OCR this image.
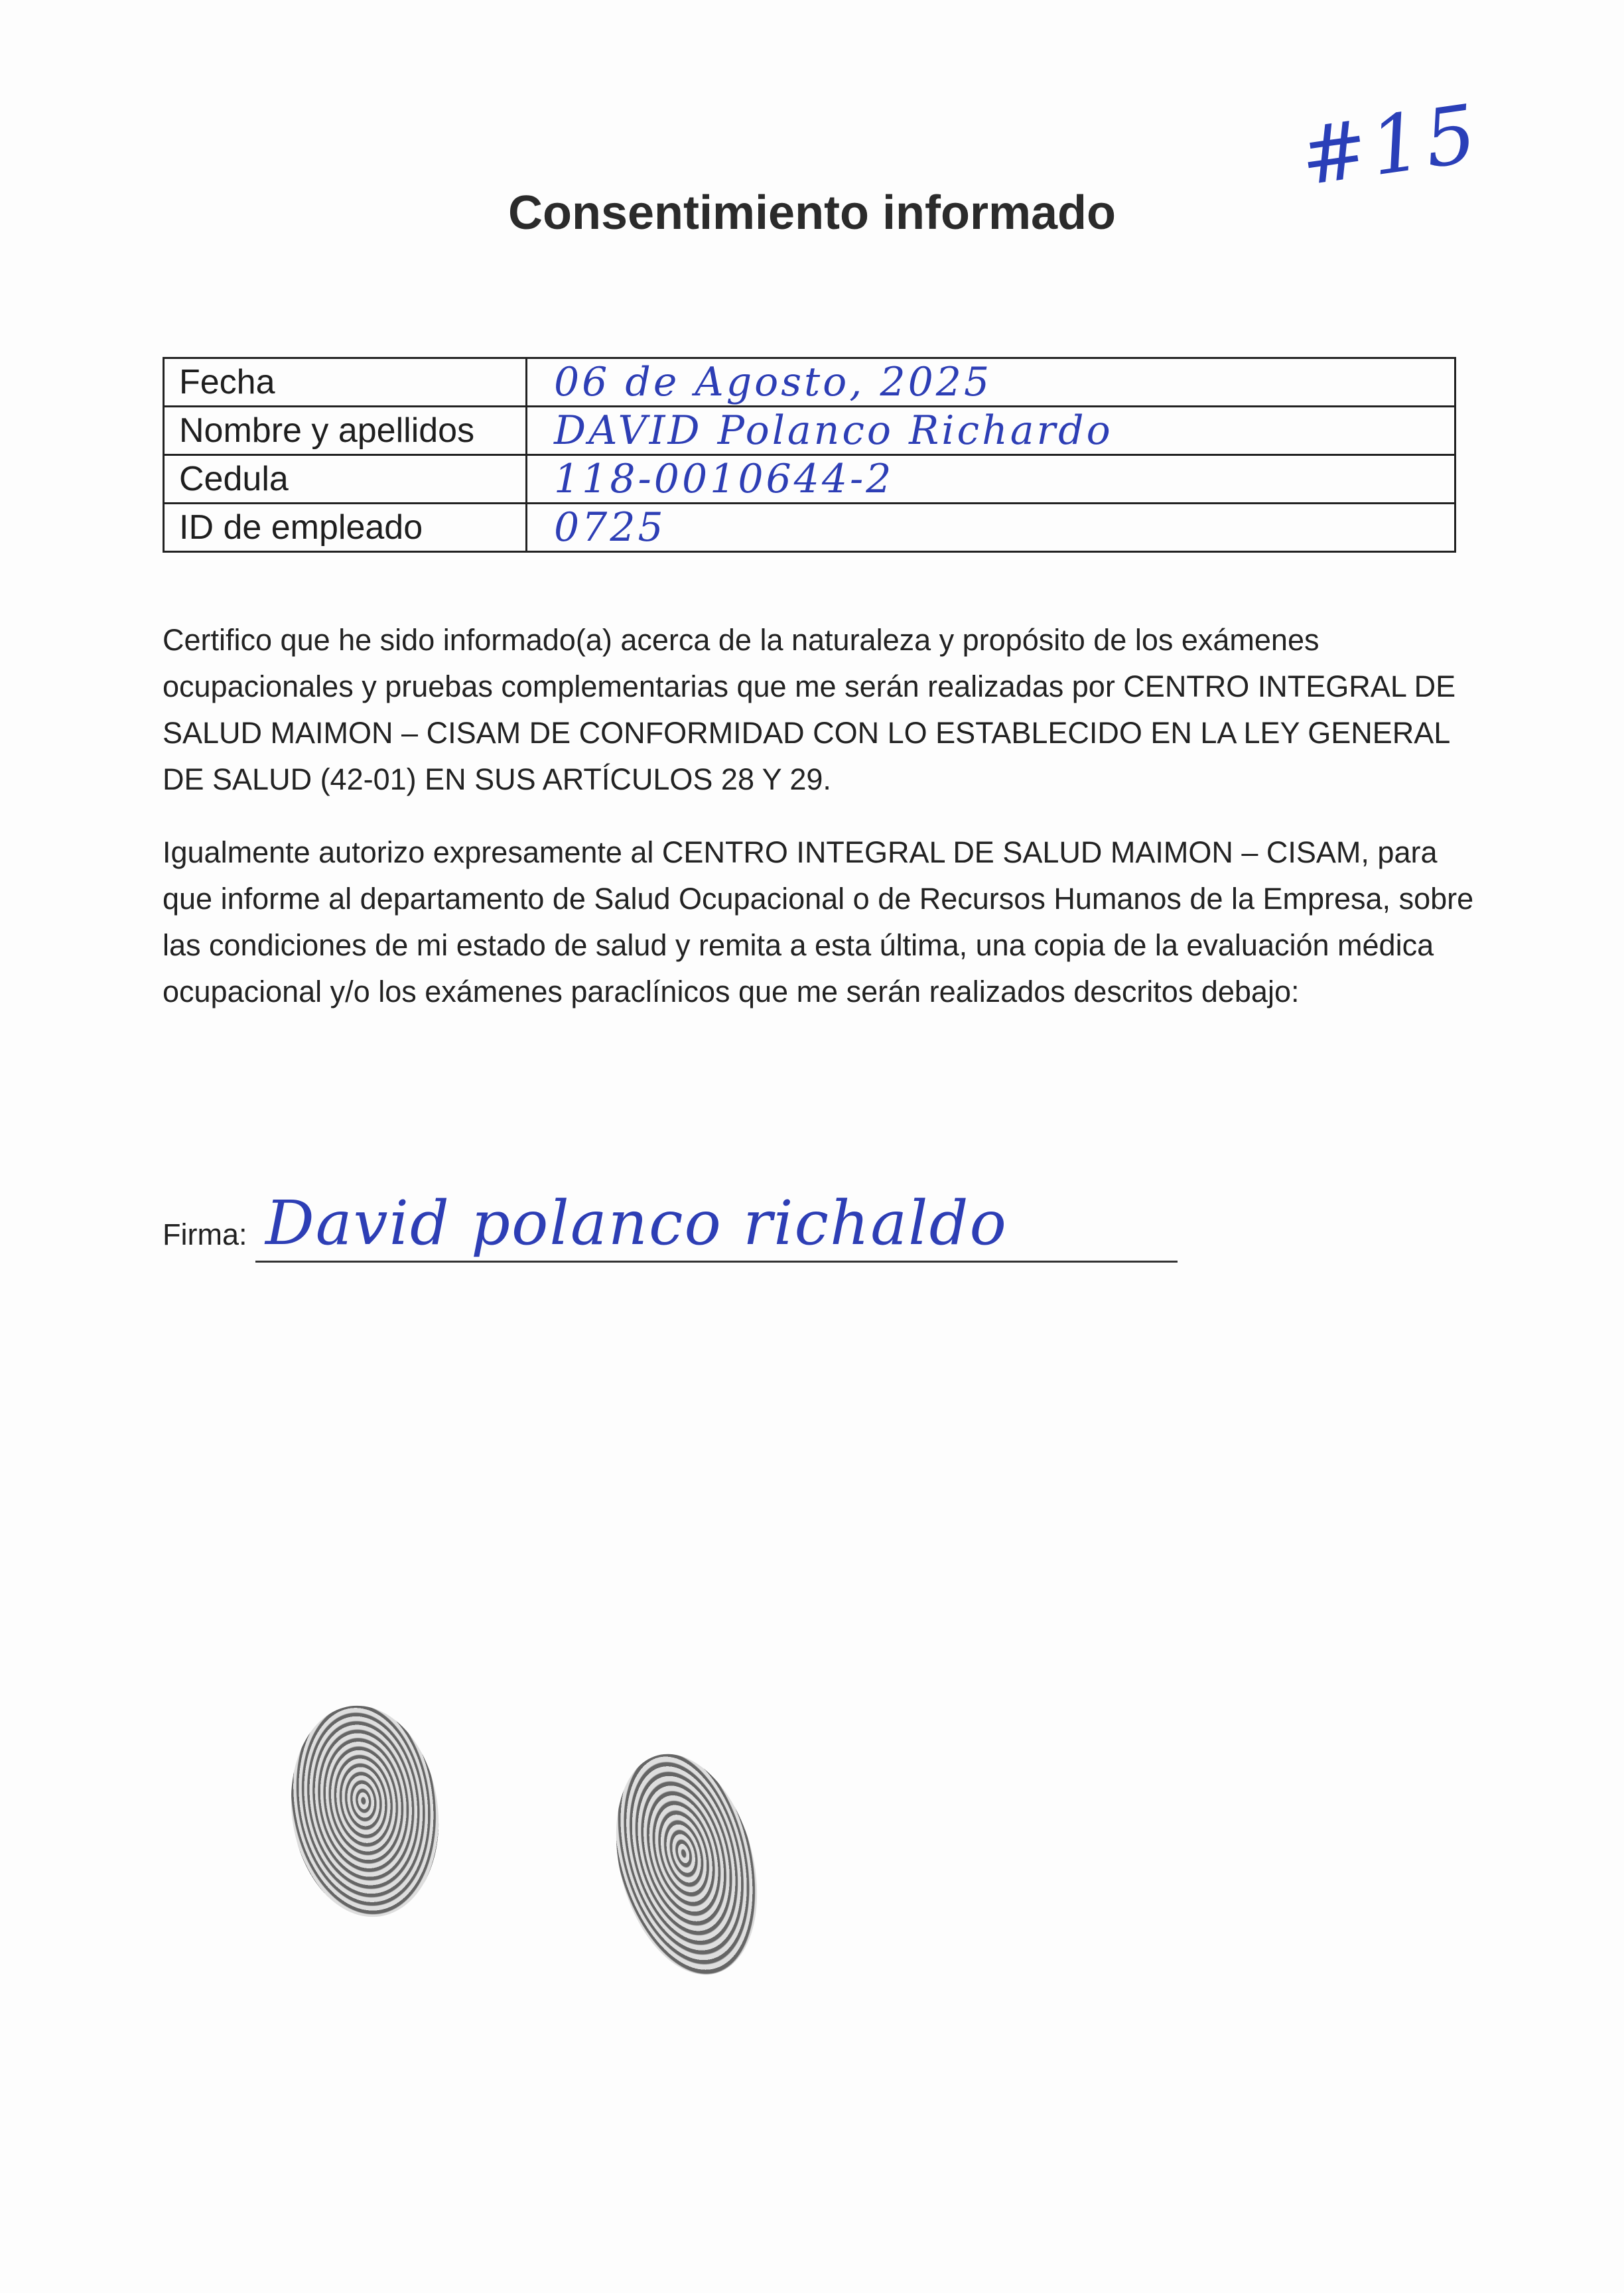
#15
Consentimiento informado
Fecha	06 de Agosto, 2025
Nombre y apellidos	DAVID Polanco Richardo
Cedula	118-0010644-2
ID de empleado	0725

Certifico que he sido informado(a) acerca de la naturaleza y propósito de los exámenes ocupacionales y pruebas complementarias que me serán realizadas por CENTRO INTEGRAL DE SALUD MAIMON – CISAM DE CONFORMIDAD CON LO ESTABLECIDO EN LA LEY GENERAL DE SALUD (42-01) EN SUS ARTÍCULOS 28 Y 29.

Igualmente autorizo expresamente al CENTRO INTEGRAL DE SALUD MAIMON – CISAM, para que informe al departamento de Salud Ocupacional o de Recursos Humanos de la Empresa, sobre las condiciones de mi estado de salud y remita a esta última, una copia de la evaluación médica ocupacional y/o los exámenes paraclínicos que me serán realizados descritos debajo:

Firma: David polanco richaldo
